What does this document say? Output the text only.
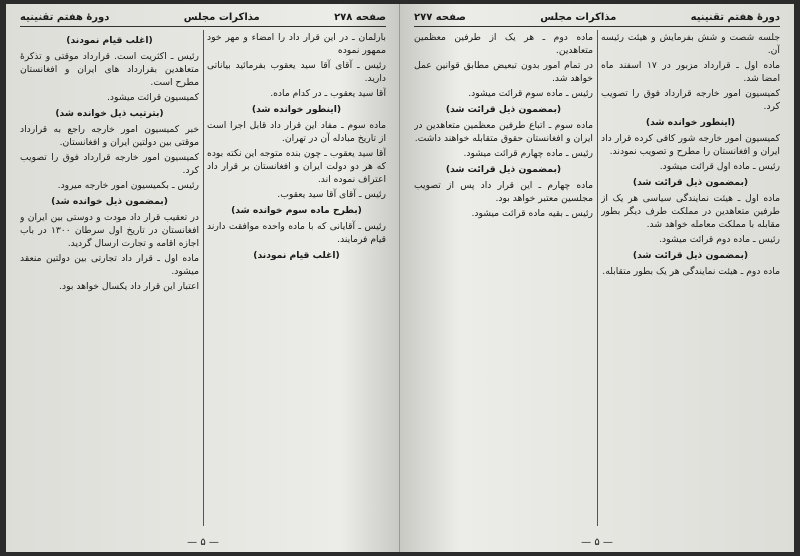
صفحه ۲۷۸
مذاکرات مجلس
دورهٔ هفتم تقنینیه

بارلمان ـ در این قرار داد را امضاء و مهر خود ممهور نموده

رئیس ـ آقای آقا سید یعقوب بفرمائید بیاناتی دارید.

آقا سید یعقوب ـ در کدام ماده.

(اینطور خوانده شد)

ماده سوم ـ مفاد این قرار داد قابل اجرا است از تاریخ مبادله آن در تهران.

آقا سید یعقوب ـ چون بنده متوجه این نکته بوده که هر دو دولت ایران و افغانستان بر قرار داد اعتراف نموده اند.

رئیس ـ آقای آقا سید یعقوب.

(بطرح ماده سوم خوانده شد)

رئیس ـ آقایانی که با ماده واحده موافقت دارند قیام فرمایند.

(اغلب قیام نمودند)

(اغلب قیام نمودند)

رئیس ـ اکثریت است. قرارداد موقتی و تذکرهٔ متعاهدین بقرارداد های ایران و افغانستان مطرح است.

کمیسیون قرائت میشود.

(بترتیب ذیل خوانده شد)

خبر کمیسیون امور خارجه راجع به قرارداد موقتی بین دولتین ایران و افغانستان.

کمیسیون امور خارجه قرارداد فوق را تصویب کرد.

رئیس ـ بکمیسیون امور خارجه میرود.

(بمضمون ذیل خوانده شد)

در تعقیب قرار داد مودت و دوستی بین ایران و افغانستان در تاریخ اول سرطان ۱۳۰۰ در باب اجازه اقامه و تجارت ارسال گردید.

ماده اول ـ قرار داد تجارتی بین دولتین منعقد میشود.

اعتبار این قرار داد یکسال خواهد بود.

— ۵ —
دورهٔ هفتم تقنینیه
مذاکرات مجلس
صفحه ۲۷۷

جلسه شصت و شش بفرمایش و هیئت رئیسه آن.

ماده اول ـ قرارداد مزبور در ۱۷ اسفند ماه امضا شد.

کمیسیون امور خارجه قرارداد فوق را تصویب کرد.

(اینطور خوانده شد)

کمیسیون امور خارجه شور کافی کرده قرار داد ایران و افغانستان را مطرح و تصویب نمودند.

رئیس ـ ماده اول قرائت میشود.

(بمضمون ذیل قرائت شد)

ماده اول ـ هیئت نمایندگی سیاسی هر یک از طرفین متعاهدین در مملکت طرف دیگر بطور مقابله با مملکت معامله خواهد شد.

رئیس ـ ماده دوم قرائت میشود.

(بمضمون ذیل قرائت شد)

ماده دوم ـ هیئت نمایندگی هر یک بطور متقابله.

ماده دوم ـ هر یک از طرفین معظمین متعاهدین.

در تمام امور بدون تبعیض مطابق قوانین عمل خواهد شد.

رئیس ـ ماده سوم قرائت میشود.

(بمضمون ذیل قرائت شد)

ماده سوم ـ اتباع طرفین معظمین متعاهدین در ایران و افغانستان حقوق متقابله خواهند داشت.

رئیس ـ ماده چهارم قرائت میشود.

(بمضمون ذیل قرائت شد)

ماده چهارم ـ این قرار داد پس از تصویب مجلسین معتبر خواهد بود.

رئیس ـ بقیه ماده قرائت میشود.

— ۵ —
